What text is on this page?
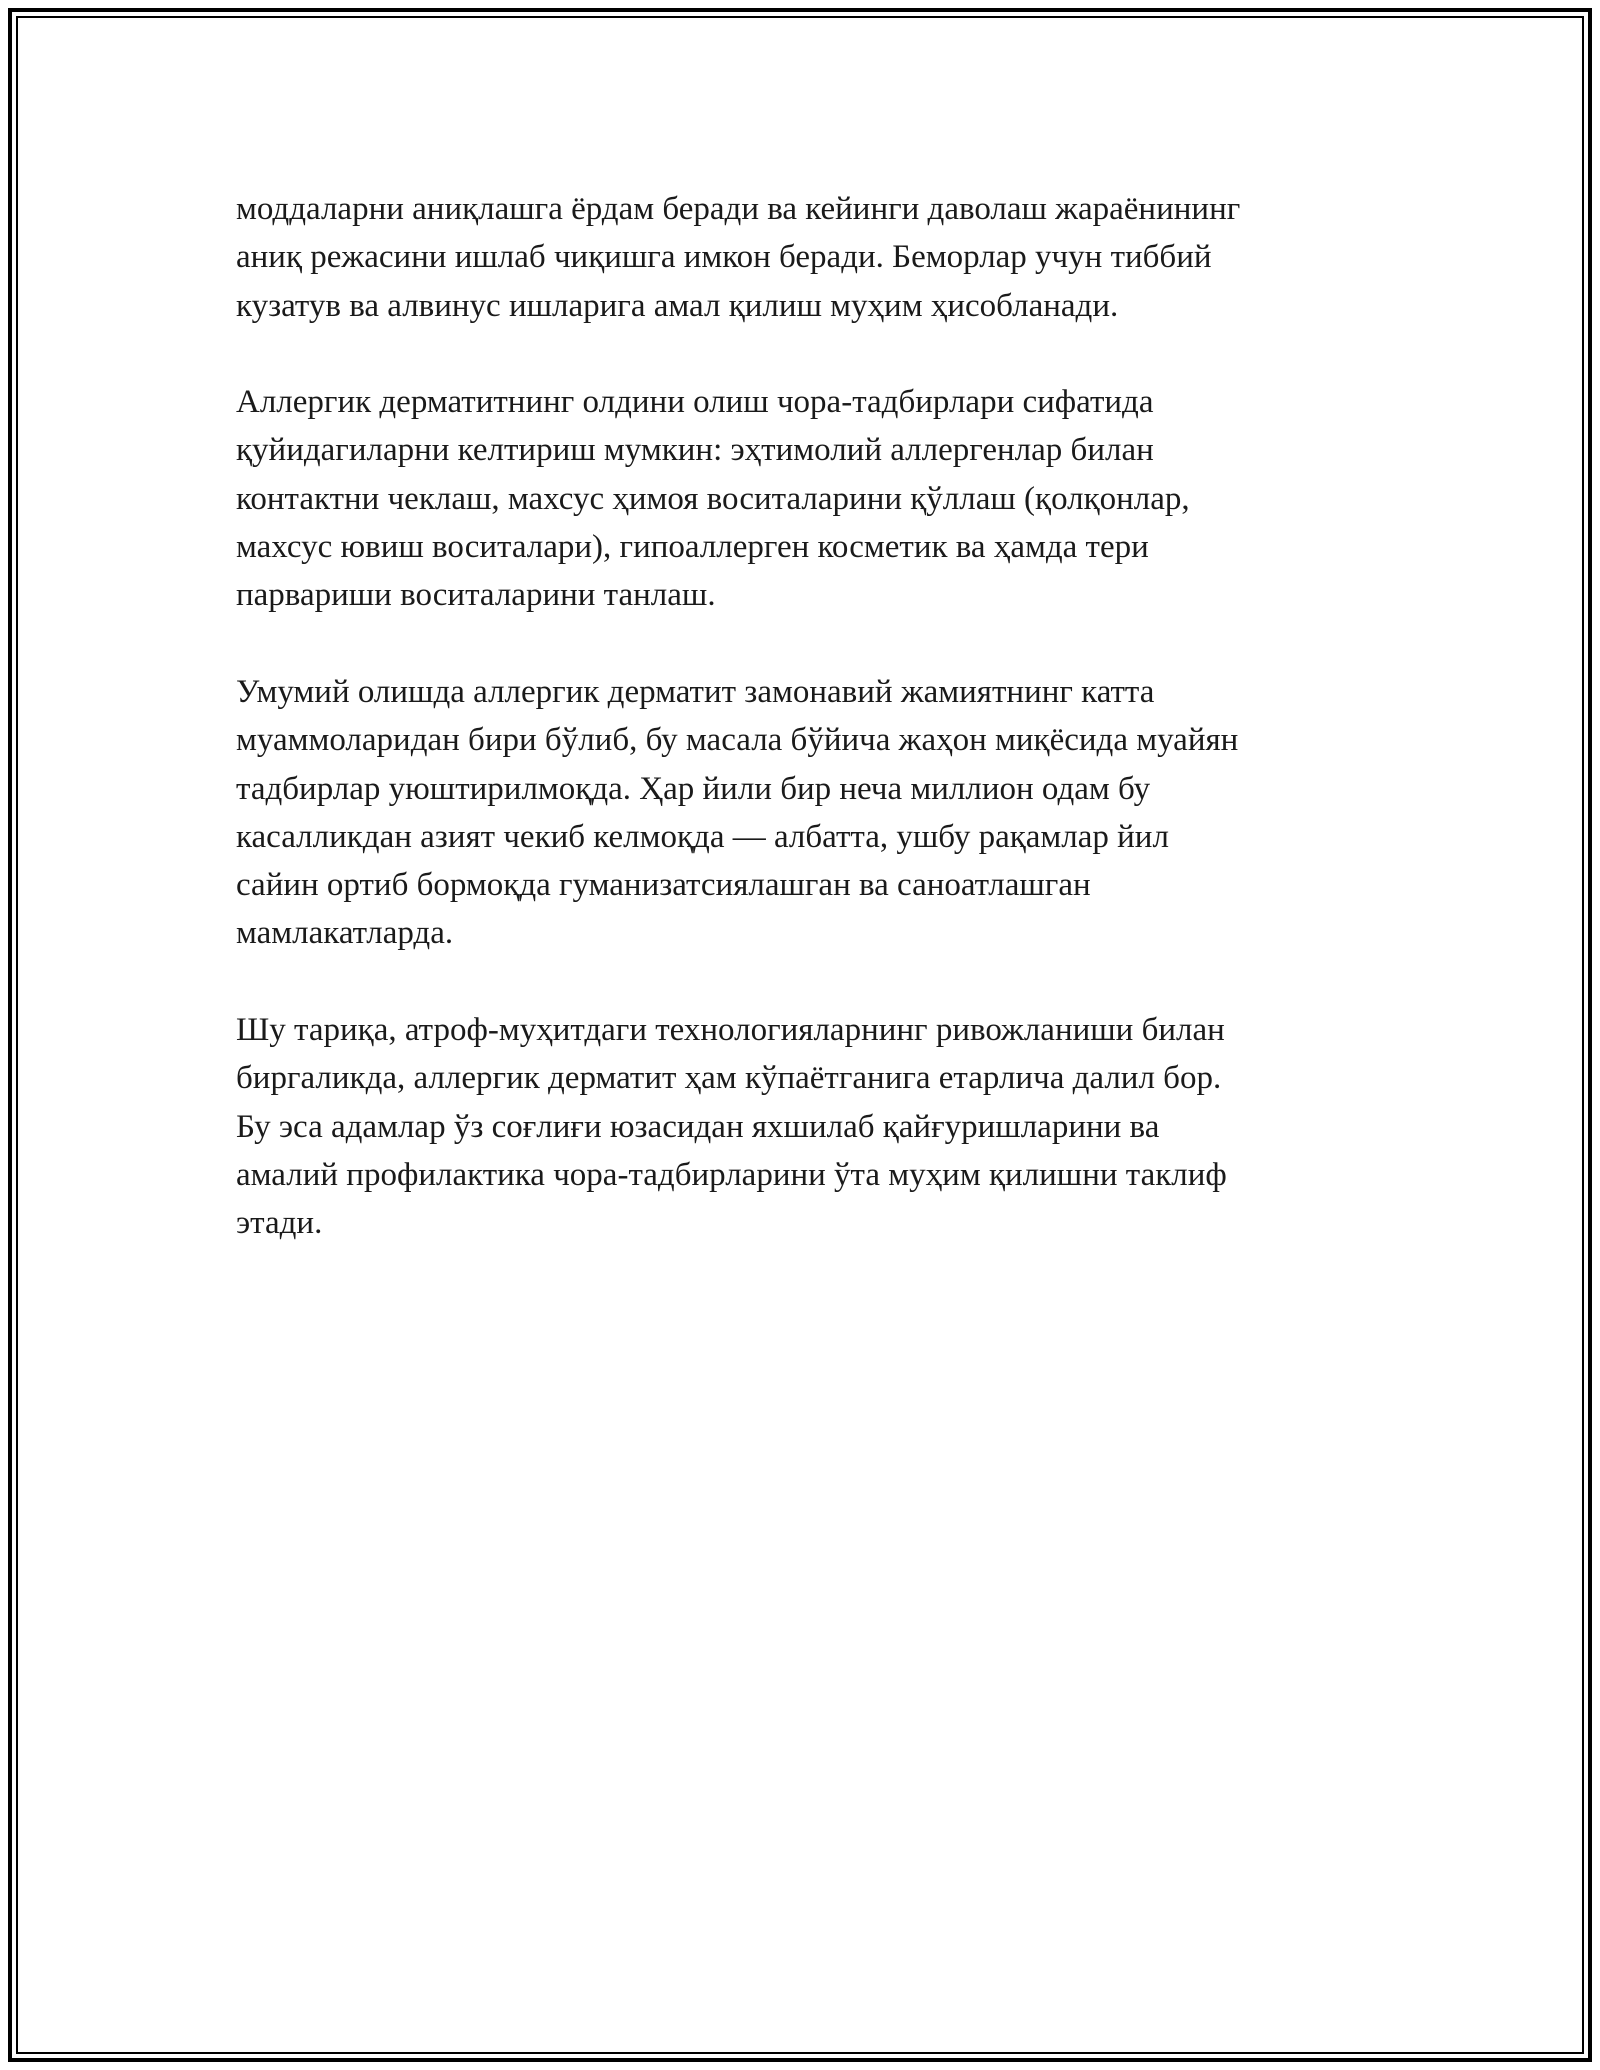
моддаларни аниқлашга ёрдам беради ва кейинги даволаш жараёнининг
аниқ режасини ишлаб чиқишга имкон беради. Беморлар учун тиббий
кузатув ва алвинус ишларига амал қилиш муҳим ҳисобланади.

Аллергик дерматитнинг олдини олиш чора-тадбирлари сифатида
қуйидагиларни келтириш мумкин: эҳтимолий аллергенлар билан
контактни чеклаш, махсус ҳимоя воситаларини қўллаш (қолқонлар,
махсус ювиш воситалари), гипоаллерген косметик ва ҳамда тери
парвариши воситаларини танлаш.

Умумий олишда аллергик дерматит замонавий жамиятнинг катта
муаммоларидан бири бўлиб, бу масала бўйича жаҳон миқёсида муайян
тадбирлар уюштирилмоқда. Ҳар йили бир неча миллион одам бу
касалликдан азият чекиб келмоқда — албатта, ушбу рақамлар йил
сайин ортиб бормоқда гуманизатсиялашган ва саноатлашган
мамлакатларда.

Шу тариқа, атроф-муҳитдаги технологияларнинг ривожланиши билан
биргаликда, аллергик дерматит ҳам кўпаётганига етарлича далил бор.
Бу эса адамлар ўз соғлиғи юзасидан яхшилаб қайғуришларини ва
амалий профилактика чора-тадбирларини ўта муҳим қилишни таклиф
этади.
